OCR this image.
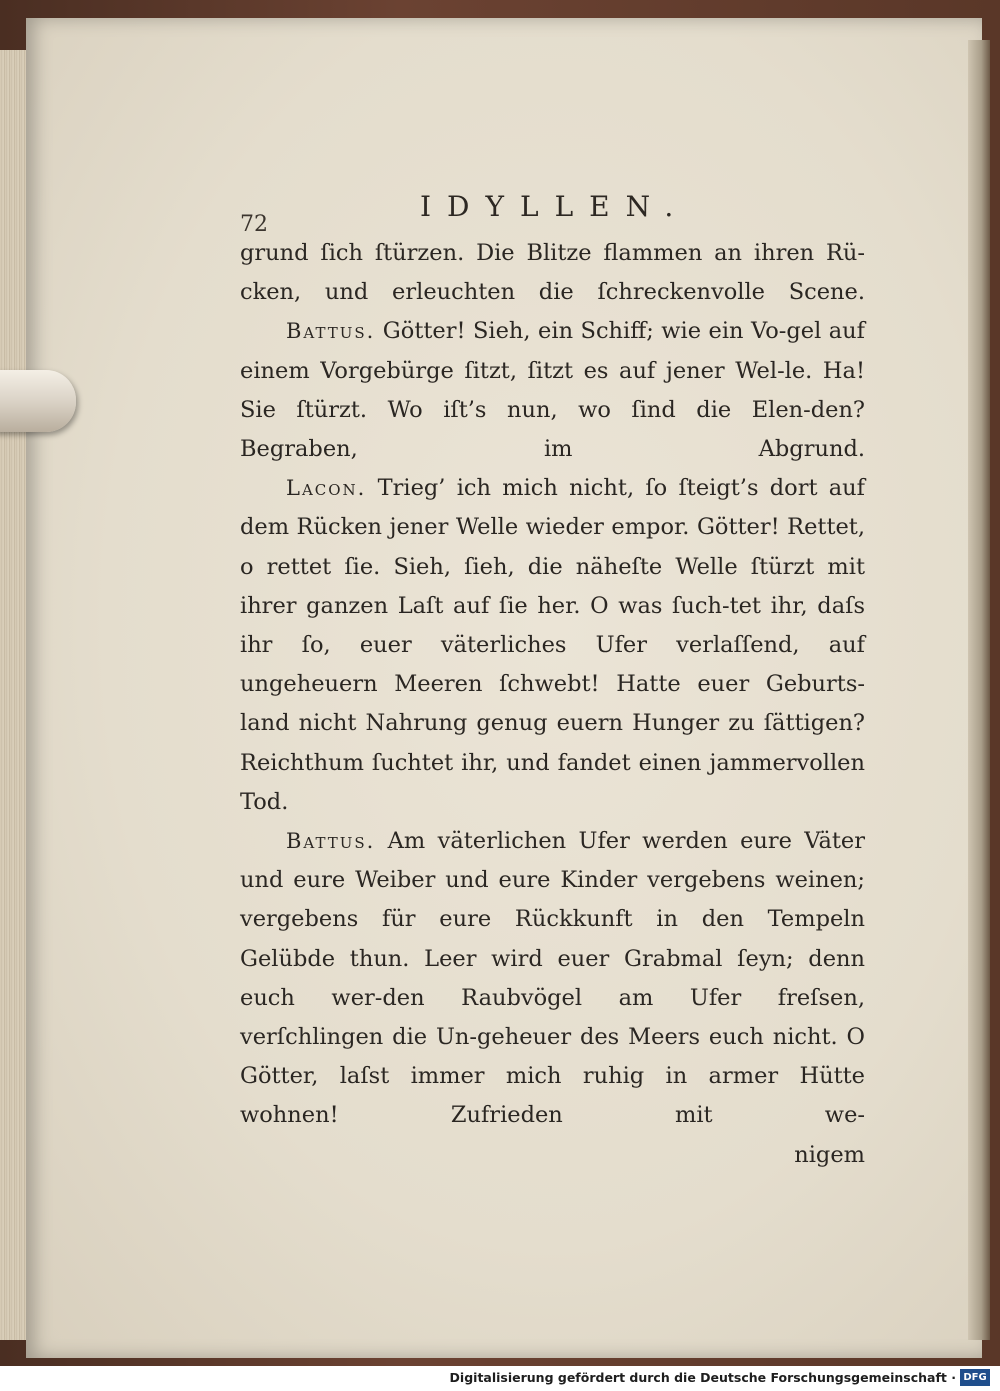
72
IDYLLEN.

grund ſich ſtürzen. Die Blitze flammen an ihren Rü-cken, und erleuchten die ſchreckenvolle Scene.

Battus. Götter! Sieh, ein Schiff; wie ein Vo-gel auf einem Vorgebürge ſitzt, ſitzt es auf jener Wel-le. Ha! Sie ſtürzt. Wo iſt’s nun, wo ſind die Elen-den? Begraben, im Abgrund.

Lacon. Trieg’ ich mich nicht, ſo ſteigt’s dort auf dem Rücken jener Welle wieder empor. Götter! Rettet, o rettet ſie. Sieh, ſieh, die näheſte Welle ſtürzt mit ihrer ganzen Laſt auf ſie her. O was ſuch-tet ihr, daſs ihr ſo, euer väterliches Ufer verlaſſend, auf ungeheuern Meeren ſchwebt! Hatte euer Geburts-land nicht Nahrung genug euern Hunger zu ſättigen? Reichthum ſuchtet ihr, und fandet einen jammervollen Tod.

Battus. Am väterlichen Ufer werden eure Väter und eure Weiber und eure Kinder vergebens weinen; vergebens für eure Rückkunft in den Tempeln Gelübde thun. Leer wird euer Grabmal ſeyn; denn euch wer-den Raubvögel am Ufer freſsen, verſchlingen die Un-geheuer des Meers euch nicht. O Götter, laſst immer mich ruhig in armer Hütte wohnen! Zufrieden mit we-

nigem

Digitalisierung gefördert durch die Deutsche Forschungsgemeinschaft · DFG
